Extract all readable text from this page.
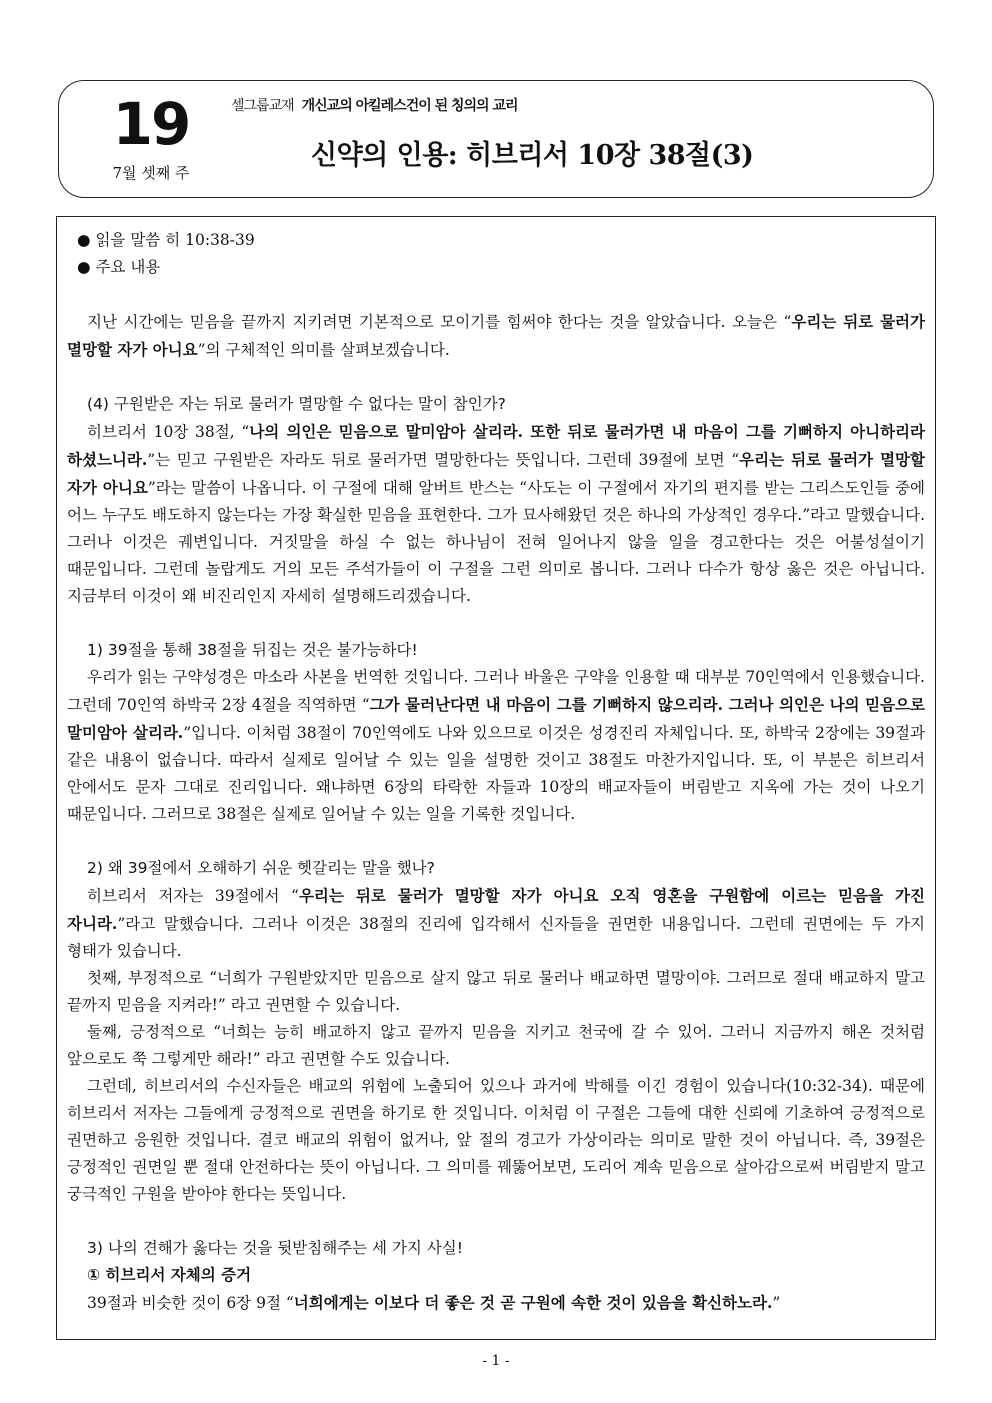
19
7월 셋째 주
셀그룹교재 개신교의 아킬레스건이 된 칭의의 교리
신약의 인용: 히브리서 10장 38절(3)

● 읽을 말씀 히 10:38-39

● 주요 내용

지난 시간에는 믿음을 끝까지 지키려면 기본적으로 모이기를 힘써야 한다는 것을 알았습니다. 오늘은 “우리는 뒤로 물러가 멸망할 자가 아니요”의 구체적인 의미를 살펴보겠습니다.

(4) 구원받은 자는 뒤로 물러가 멸망할 수 없다는 말이 참인가?

히브리서 10장 38절, “나의 의인은 믿음으로 말미암아 살리라. 또한 뒤로 물러가면 내 마음이 그를 기뻐하지 아니하리라 하셨느니라.”는 믿고 구원받은 자라도 뒤로 물러가면 멸망한다는 뜻입니다. 그런데 39절에 보면 “우리는 뒤로 물러가 멸망할 자가 아니요”라는 말씀이 나옵니다. 이 구절에 대해 알버트 반스는 “사도는 이 구절에서 자기의 편지를 받는 그리스도인들 중에 어느 누구도 배도하지 않는다는 가장 확실한 믿음을 표현한다. 그가 묘사해왔던 것은 하나의 가상적인 경우다.”라고 말했습니다. 그러나 이것은 궤변입니다. 거짓말을 하실 수 없는 하나님이 전혀 일어나지 않을 일을 경고한다는 것은 어불성설이기 때문입니다. 그런데 놀랍게도 거의 모든 주석가들이 이 구절을 그런 의미로 봅니다. 그러나 다수가 항상 옳은 것은 아닙니다. 지금부터 이것이 왜 비진리인지 자세히 설명해드리겠습니다.

1) 39절을 통해 38절을 뒤집는 것은 불가능하다!

우리가 읽는 구약성경은 마소라 사본을 번역한 것입니다. 그러나 바울은 구약을 인용할 때 대부분 70인역에서 인용했습니다. 그런데 70인역 하박국 2장 4절을 직역하면 “그가 물러난다면 내 마음이 그를 기뻐하지 않으리라. 그러나 의인은 나의 믿음으로 말미암아 살리라.”입니다. 이처럼 38절이 70인역에도 나와 있으므로 이것은 성경진리 자체입니다. 또, 하박국 2장에는 39절과 같은 내용이 없습니다. 따라서 실제로 일어날 수 있는 일을 설명한 것이고 38절도 마찬가지입니다. 또, 이 부분은 히브리서 안에서도 문자 그대로 진리입니다. 왜냐하면 6장의 타락한 자들과 10장의 배교자들이 버림받고 지옥에 가는 것이 나오기 때문입니다. 그러므로 38절은 실제로 일어날 수 있는 일을 기록한 것입니다.

2) 왜 39절에서 오해하기 쉬운 헷갈리는 말을 했나?

히브리서 저자는 39절에서 “우리는 뒤로 물러가 멸망할 자가 아니요 오직 영혼을 구원함에 이르는 믿음을 가진 자니라.”라고 말했습니다. 그러나 이것은 38절의 진리에 입각해서 신자들을 권면한 내용입니다. 그런데 권면에는 두 가지 형태가 있습니다.

첫째, 부정적으로 “너희가 구원받았지만 믿음으로 살지 않고 뒤로 물러나 배교하면 멸망이야. 그러므로 절대 배교하지 말고 끝까지 믿음을 지켜라!” 라고 권면할 수 있습니다.

둘째, 긍정적으로 “너희는 능히 배교하지 않고 끝까지 믿음을 지키고 천국에 갈 수 있어. 그러니 지금까지 해온 것처럼 앞으로도 쭉 그렇게만 해라!” 라고 권면할 수도 있습니다.

그런데, 히브리서의 수신자들은 배교의 위험에 노출되어 있으나 과거에 박해를 이긴 경험이 있습니다(10:32-34). 때문에 히브리서 저자는 그들에게 긍정적으로 권면을 하기로 한 것입니다. 이처럼 이 구절은 그들에 대한 신뢰에 기초하여 긍정적으로 권면하고 응원한 것입니다. 결코 배교의 위험이 없거나, 앞 절의 경고가 가상이라는 의미로 말한 것이 아닙니다. 즉, 39절은 긍정적인 권면일 뿐 절대 안전하다는 뜻이 아닙니다. 그 의미를 꿰뚫어보면, 도리어 계속 믿음으로 살아감으로써 버림받지 말고 궁극적인 구원을 받아야 한다는 뜻입니다.

3) 나의 견해가 옳다는 것을 뒷받침해주는 세 가지 사실!

① 히브리서 자체의 증거

39절과 비슷한 것이 6장 9절 “너희에게는 이보다 더 좋은 것 곧 구원에 속한 것이 있음을 확신하노라.”

- 1 -
